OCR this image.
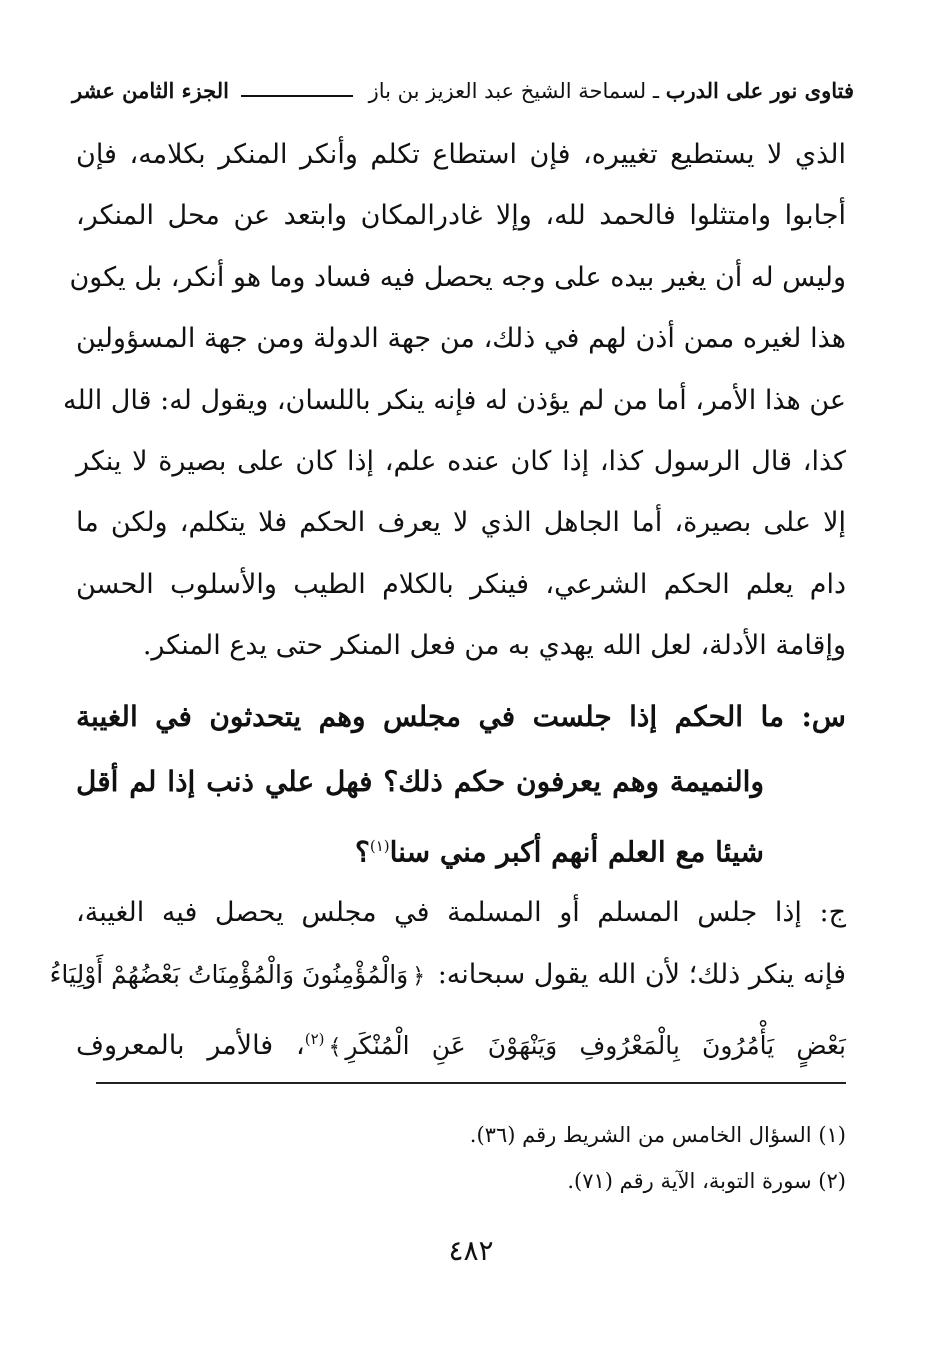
فتاوى نور على الدرب ـ لسماحة الشيخ عبد العزيز بن باز
الجزء الثامن عشر
الذي لا يستطيع تغييره، فإن استطاع تكلم وأنكر المنكر بكلامه، فإن
أجابوا وامتثلوا فالحمد لله، وإلا غادرالمكان وابتعد عن محل المنكر،
وليس له أن يغير بيده على وجه يحصل فيه فساد وما هو أنكر، بل يكون
هذا لغيره ممن أذن لهم في ذلك، من جهة الدولة ومن جهة المسؤولين
عن هذا الأمر، أما من لم يؤذن له فإنه ينكر باللسان، ويقول له: قال الله
كذا، قال الرسول كذا، إذا كان عنده علم، إذا كان على بصيرة لا ينكر
إلا على بصيرة، أما الجاهل الذي لا يعرف الحكم فلا يتكلم، ولكن ما
دام يعلم الحكم الشرعي، فينكر بالكلام الطيب والأسلوب الحسن
وإقامة الأدلة، لعل الله يهدي به من فعل المنكر حتى يدع المنكر.
س: ما الحكم إذا جلست في مجلس وهم يتحدثون في الغيبة
والنميمة وهم يعرفون حكم ذلك؟ فهل علي ذنب إذا لم أقل
شيئا مع العلم أنهم أكبر مني سنا$^{(١)}$؟
ج: إذا جلس المسلم أو المسلمة في مجلس يحصل فيه الغيبة،
فإنه ينكر ذلك؛ لأن الله يقول سبحانه: ﴿وَالْمُؤْمِنُونَ وَالْمُؤْمِنَاتُ بَعْضُهُمْ أَوْلِيَاءُ
بَعْضٍ يَأْمُرُونَ بِالْمَعْرُوفِ وَيَنْهَوْنَ عَنِ الْمُنْكَرِ﴾$^{(٢)}$، فالأمر بالمعروف
(١) السؤال الخامس من الشريط رقم (٣٦).
(٢) سورة التوبة، الآية رقم (٧١).
٤٨٢
